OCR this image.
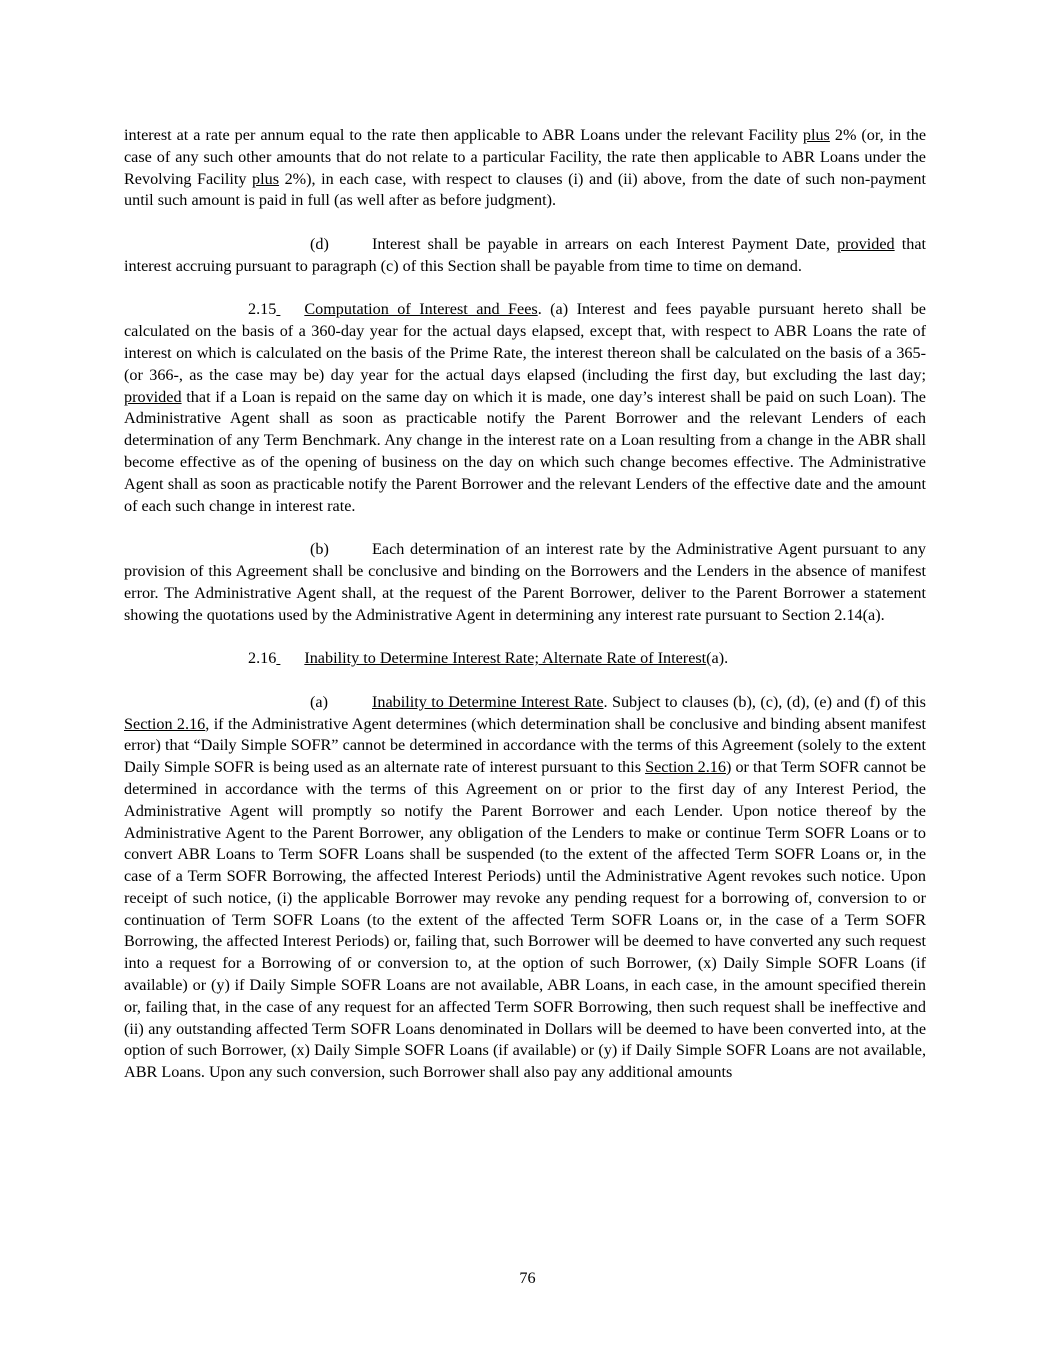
interest at a rate per annum equal to the rate then applicable to ABR Loans under the relevant Facility plus 2% (or, in the case of any such other amounts that do not relate to a particular Facility, the rate then applicable to ABR Loans under the Revolving Facility plus 2%), in each case, with respect to clauses (i) and (ii) above, from the date of such non-payment until such amount is paid in full (as well after as before judgment).

(d)	Interest shall be payable in arrears on each Interest Payment Date, provided that interest accruing pursuant to paragraph (c) of this Section shall be payable from time to time on demand.

2.15 Computation of Interest and Fees. (a) Interest and fees payable pursuant hereto shall be calculated on the basis of a 360-day year for the actual days elapsed, except that, with respect to ABR Loans the rate of interest on which is calculated on the basis of the Prime Rate, the interest thereon shall be calculated on the basis of a 365- (or 366-, as the case may be) day year for the actual days elapsed (including the first day, but excluding the last day; provided that if a Loan is repaid on the same day on which it is made, one day’s interest shall be paid on such Loan). The Administrative Agent shall as soon as practicable notify the Parent Borrower and the relevant Lenders of each determination of any Term Benchmark. Any change in the interest rate on a Loan resulting from a change in the ABR shall become effective as of the opening of business on the day on which such change becomes effective. The Administrative Agent shall as soon as practicable notify the Parent Borrower and the relevant Lenders of the effective date and the amount of each such change in interest rate.

(b)	Each determination of an interest rate by the Administrative Agent pursuant to any provision of this Agreement shall be conclusive and binding on the Borrowers and the Lenders in the absence of manifest error. The Administrative Agent shall, at the request of the Parent Borrower, deliver to the Parent Borrower a statement showing the quotations used by the Administrative Agent in determining any interest rate pursuant to Section 2.14(a).

2.16 Inability to Determine Interest Rate; Alternate Rate of Interest(a).

(a)	Inability to Determine Interest Rate. Subject to clauses (b), (c), (d), (e) and (f) of this Section 2.16, if the Administrative Agent determines (which determination shall be conclusive and binding absent manifest error) that “Daily Simple SOFR” cannot be determined in accordance with the terms of this Agreement (solely to the extent Daily Simple SOFR is being used as an alternate rate of interest pursuant to this Section 2.16) or that Term SOFR cannot be determined in accordance with the terms of this Agreement on or prior to the first day of any Interest Period, the Administrative Agent will promptly so notify the Parent Borrower and each Lender. Upon notice thereof by the Administrative Agent to the Parent Borrower, any obligation of the Lenders to make or continue Term SOFR Loans or to convert ABR Loans to Term SOFR Loans shall be suspended (to the extent of the affected Term SOFR Loans or, in the case of a Term SOFR Borrowing, the affected Interest Periods) until the Administrative Agent revokes such notice. Upon receipt of such notice, (i) the applicable Borrower may revoke any pending request for a borrowing of, conversion to or continuation of Term SOFR Loans (to the extent of the affected Term SOFR Loans or, in the case of a Term SOFR Borrowing, the affected Interest Periods) or, failing that, such Borrower will be deemed to have converted any such request into a request for a Borrowing of or conversion to, at the option of such Borrower, (x) Daily Simple SOFR Loans (if available) or (y) if Daily Simple SOFR Loans are not available, ABR Loans, in each case, in the amount specified therein or, failing that, in the case of any request for an affected Term SOFR Borrowing, then such request shall be ineffective and (ii) any outstanding affected Term SOFR Loans denominated in Dollars will be deemed to have been converted into, at the option of such Borrower, (x) Daily Simple SOFR Loans (if available) or (y) if Daily Simple SOFR Loans are not available, ABR Loans. Upon any such conversion, such Borrower shall also pay any additional amounts

76
